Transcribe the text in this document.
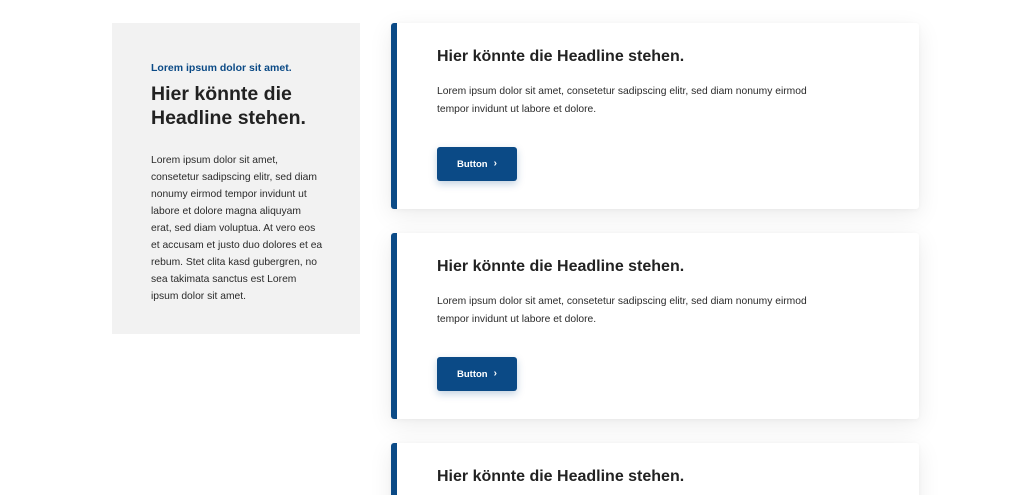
Lorem ipsum dolor sit amet.
Hier könnte die Headline stehen.

Lorem ipsum dolor sit amet, consetetur sadipscing elitr, sed diam nonumy eirmod tempor invidunt ut labore et dolore magna aliquyam erat, sed diam voluptua. At vero eos et accusam et justo duo dolores et ea rebum. Stet clita kasd gubergren, no sea takimata sanctus est Lorem ipsum dolor sit amet.

Hier könnte die Headline stehen.

Lorem ipsum dolor sit amet, consetetur sadipscing elitr, sed diam nonumy eirmod tempor invidunt ut labore et dolore.

Button ›
Hier könnte die Headline stehen.

Lorem ipsum dolor sit amet, consetetur sadipscing elitr, sed diam nonumy eirmod tempor invidunt ut labore et dolore.

Button ›
Hier könnte die Headline stehen.
